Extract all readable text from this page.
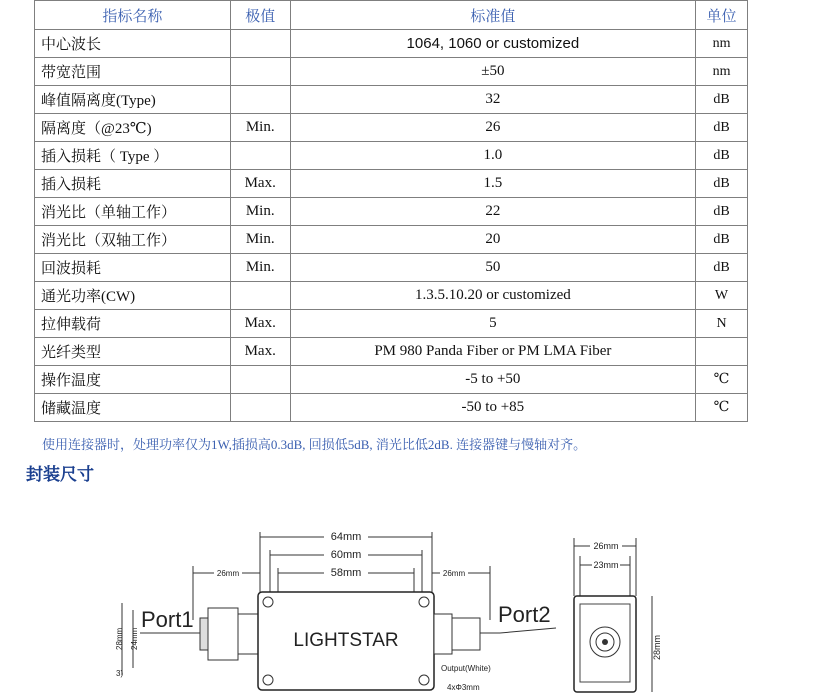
指标名称	极值	标准值	单位
中心波长		1064, 1060 or customized	nm
带宽范围		±50	nm
峰值隔离度(Type)		32	dB
隔离度（@23℃)	Min.	26	dB
插入损耗（ Type ）		1.0	dB
插入损耗	Max.	1.5	dB
消光比（单轴工作）	Min.	22	dB
消光比（双轴工作）	Min.	20	dB
回波损耗	Min.	50	dB
通光功率(CW)		1.3.5.10.20 or customized	W
拉伸载荷	Max.	5	N
光纤类型	Max.	PM 980 Panda Fiber or PM LMA Fiber	
操作温度		-5 to +50	℃
储藏温度		-50 to +85	℃
使用连接器时，处理功率仅为1W,插损高0.3dB, 回损低5dB, 消光比低2dB. 连接器键与慢轴对齐。
封装尺寸
64mm
60mm
58mm
26mm	26mm
LIGHTSTAR
Port1	Port2
Output(White)
4xΦ3mm
28mm 24mm
3)
26mm
23mm
28mm
